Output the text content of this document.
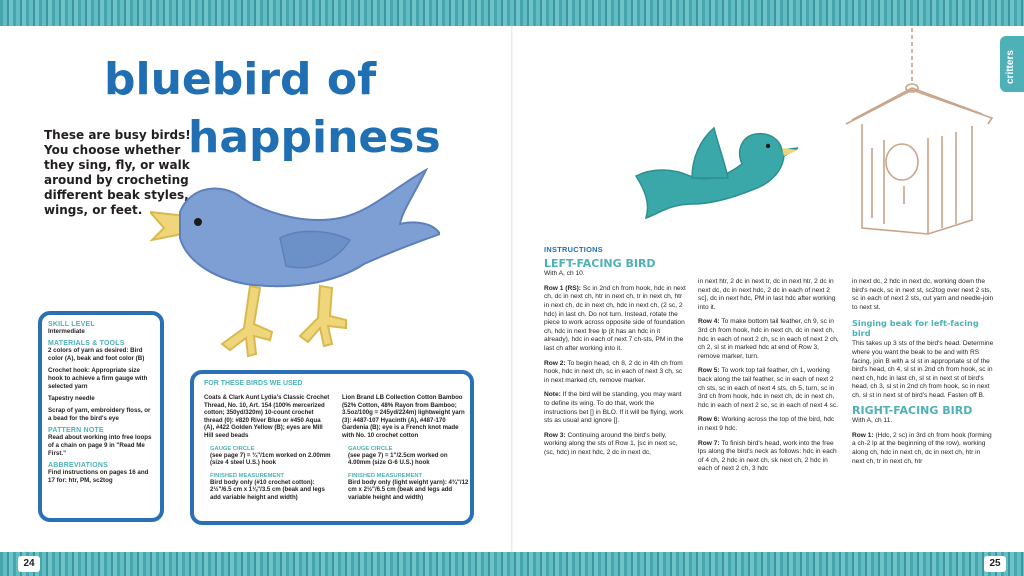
critters
24	25
bluebird of
happiness
These are busy birds! You choose whether they sing, fly, or walk around by crocheting different beak styles, wings, or feet.
SKILL LEVEL

Intermediate

MATERIALS & TOOLS

2 colors of yarn as desired: Bird color (A), beak and foot color (B)

Crochet hook: Appropriate size hook to achieve a firm gauge with selected yarn

Tapestry needle

Scrap of yarn, embroidery floss, or a bead for the bird's eye

PATTERN NOTE

Read about working into free loops of a chain on page 9 in "Read Me First."

ABBREVIATIONS

Find instructions on pages 16 and 17 for: htr, PM, sc2tog

FOR THESE BIRDS WE USED

Coats & Clark Aunt Lydia's Classic Crochet Thread, No. 10, Art. 154 (100% mercerized cotton; 350yd/320m) 10-count crochet thread (0): #820 River Blue or #450 Aqua (A), #422 Golden Yellow (B); eyes are Mill Hill seed beads

GAUGE CIRCLE

(see page 7) = ¾"/1cm worked on 2.00mm (size 4 steel U.S.) hook

FINISHED MEASUREMENT

Bird body only (#10 crochet cotton): 2½"/6.5 cm x 1⅛"/3.5 cm (beak and legs add variable height and width)

Lion Brand LB Collection Cotton Bamboo (52% Cotton, 48% Rayon from Bamboo; 3.5oz/100g = 245yd/224m) lightweight yarn (3): #487-107 Hyacinth (A), #487-170 Gardenia (B); eye is a French knot made with No. 10 crochet cotton

GAUGE CIRCLE

(see page 7) = 1"/2.5cm worked on 4.00mm (size G-6 U.S.) hook

FINISHED MEASUREMENT

Bird body only (light weight yarn): 4¾"/12 cm x 2½"/6.5 cm (beak and legs add variable height and width)

INSTRUCTIONS
LEFT-FACING BIRD

With A, ch 10.

Row 1 (RS): Sc in 2nd ch from hook, hdc in next ch, dc in next ch, htr in next ch, tr in next ch, htr in next ch, dc in next ch, hdc in next ch, (2 sc, 2 hdc) in last ch. Do not turn. Instead, rotate the piece to work across opposite side of foundation ch, hdc in next free lp (it has an hdc in it already), hdc in each of next 7 ch-sts, PM in the last ch after working into it.

Row 2: To begin head, ch 8, 2 dc in 4th ch from hook, hdc in next ch, sc in each of next 3 ch, sc in next marked ch, remove marker.

Note: If the bird will be standing, you may want to define its wing. To do that, work the instructions bet [] in BLO. If it will be flying, work sts as usual and ignore [].

Row 3: Continuing around the bird's belly, working along the sts of Row 1, [sc in next sc, (sc, hdc) in next hdc, 2 dc in next dc,

in next htr, 2 dc in next tr, dc in next htr, 2 dc in next dc, dc in next hdc, 2 dc in each of next 2 sc], dc in next hdc, PM in last hdc after working into it.

Row 4: To make bottom tail feather, ch 9, sc in 3rd ch from hook, hdc in next ch, dc in next ch, hdc in each of next 2 ch, sc in each of next 2 ch, ch 2, sl st in marked hdc at end of Row 3, remove marker, turn.

Row 5: To work top tail feather, ch 1, working back along the tail feather, sc in each of next 2 ch sts, sc in each of next 4 sts, ch 5, turn, sc in 3rd ch from hook, hdc in next ch, dc in next ch, hdc in each of next 2 sc, sc in each of next 4 sc.

Row 6: Working across the top of the bird, hdc in next 9 hdc.

Row 7: To finish bird's head, work into the free lps along the bird's neck as follows: hdc in each of 4 ch, 2 hdc in next ch, sk next ch, 2 hdc in each of next 2 ch, 3 hdc

in next dc, 2 hdc in next dc, working down the bird's neck, sc in next st, sc2tog over next 2 sts, sc in each of next 2 sts, cut yarn and needle-join to next st.

Singing beak for left-facing bird

This takes up 3 sts of the bird's head. Determine where you want the beak to be and with RS facing, join B with a sl st in appropriate st of the bird's head, ch 4, sl st in 2nd ch from hook, sc in next ch, hdc in last ch, sl st in next st of bird's head, ch 3, sl st in 2nd ch from hook, sc in next ch, sl st in next st of bird's head. Fasten off B.

RIGHT-FACING BIRD

With A, ch 11.

Row 1: (Hdc, 2 sc) in 3rd ch from hook (forming a ch-2 lp at the beginning of the row), working along ch, hdc in next ch, dc in next ch, htr in next ch, tr in next ch, htr
